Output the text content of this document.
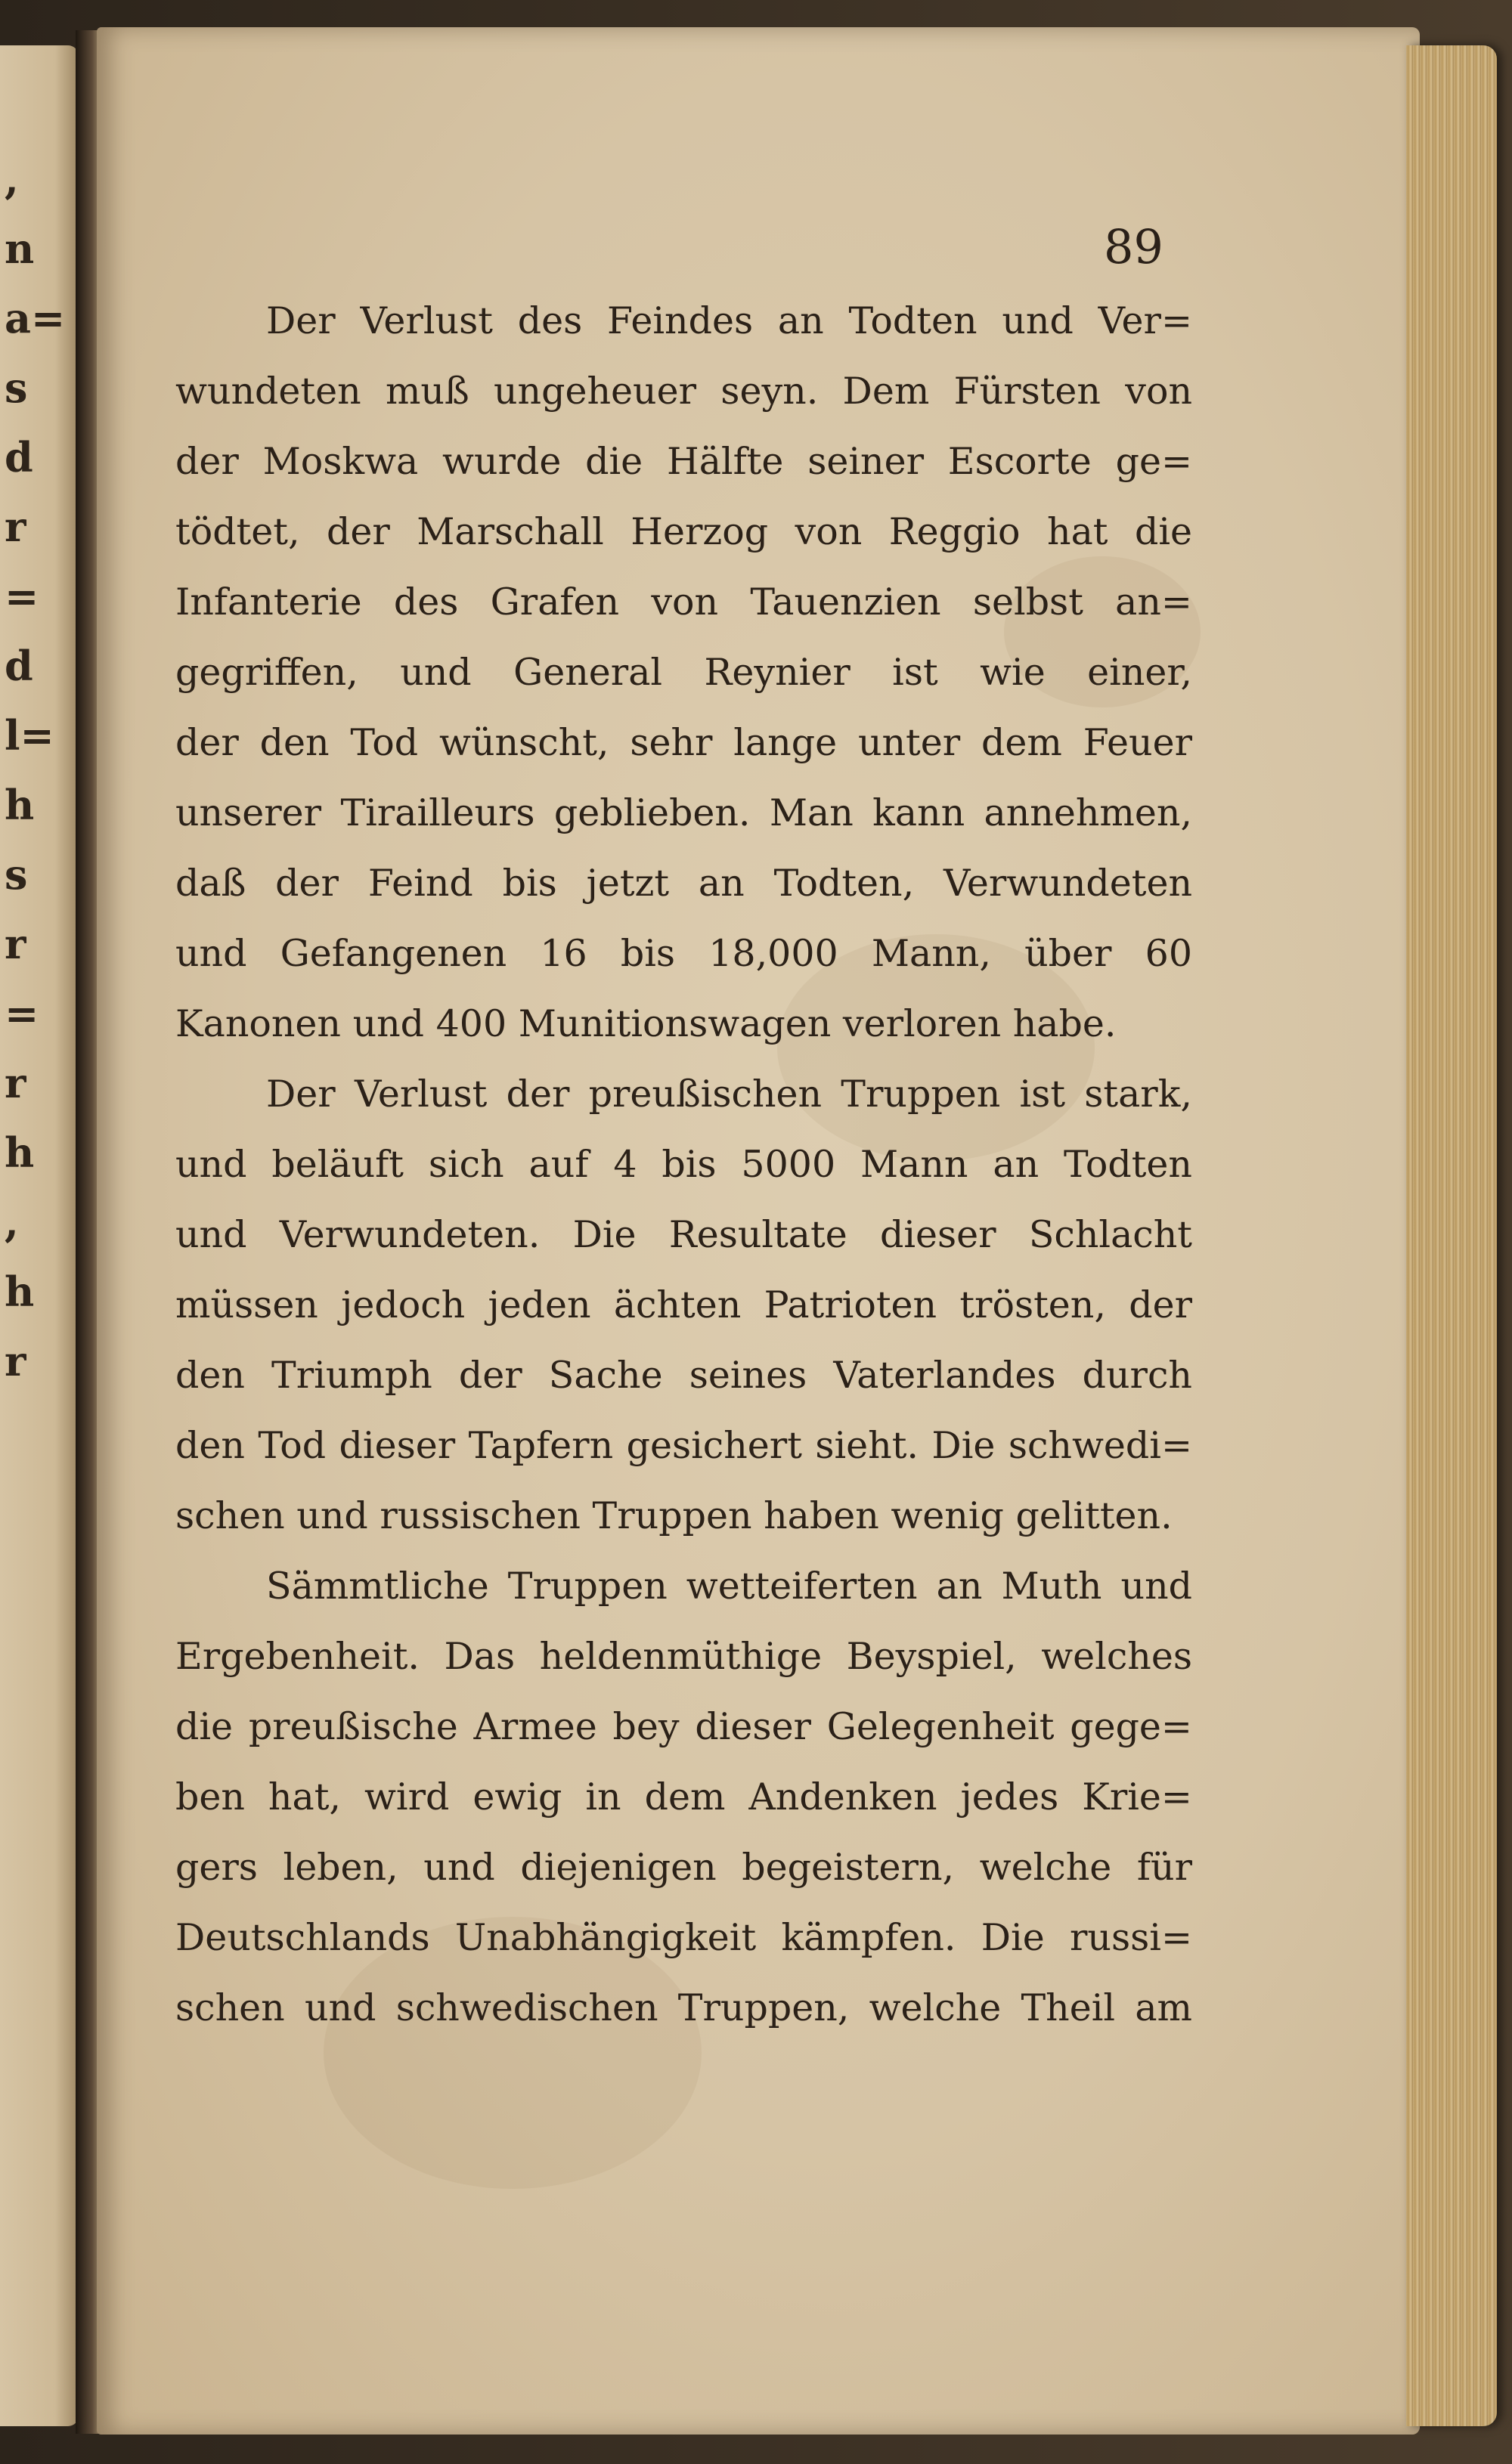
,
n
a=
s
d
r
=
d
l=
h
s
r
=
r
h
,
h
r
89
Der Verlust des Feindes an Todten und Ver=
wundeten muß ungeheuer seyn. Dem Fürsten von
der Moskwa wurde die Hälfte seiner Escorte ge=
tödtet, der Marschall Herzog von Reggio hat die
Infanterie des Grafen von Tauenzien selbst an=
gegriffen, und General Reynier ist wie einer,
der den Tod wünscht, sehr lange unter dem Feuer
unserer Tirailleurs geblieben. Man kann annehmen,
daß der Feind bis jetzt an Todten, Verwundeten
und Gefangenen 16 bis 18,000 Mann, über 60
Kanonen und 400 Munitionswagen verloren habe.
Der Verlust der preußischen Truppen ist stark,
und beläuft sich auf 4 bis 5000 Mann an Todten
und Verwundeten. Die Resultate dieser Schlacht
müssen jedoch jeden ächten Patrioten trösten, der
den Triumph der Sache seines Vaterlandes durch
den Tod dieser Tapfern gesichert sieht. Die schwedi=
schen und russischen Truppen haben wenig gelitten.
Sämmtliche Truppen wetteiferten an Muth und
Ergebenheit. Das heldenmüthige Beyspiel, welches
die preußische Armee bey dieser Gelegenheit gege=
ben hat, wird ewig in dem Andenken jedes Krie=
gers leben, und diejenigen begeistern, welche für
Deutschlands Unabhängigkeit kämpfen. Die russi=
schen und schwedischen Truppen, welche Theil am
